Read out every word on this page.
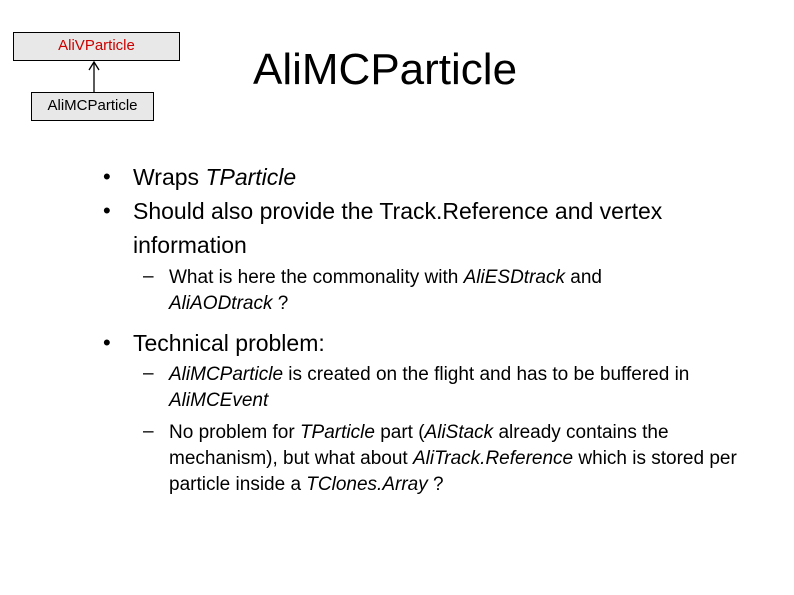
AliVParticle
AliMCParticle
AliMCParticle
• Wraps TParticle
• Should also provide the Track.Reference and vertex information
– What is here the commonality with AliESDtrack and AliAODtrack ?
• Technical problem:
– AliMCParticle is created on the flight and has to be buffered in AliMCEvent
– No problem for TParticle part (AliStack already contains the mechanism), but what about AliTrack.Reference which is stored per particle inside a TClones.Array ?
